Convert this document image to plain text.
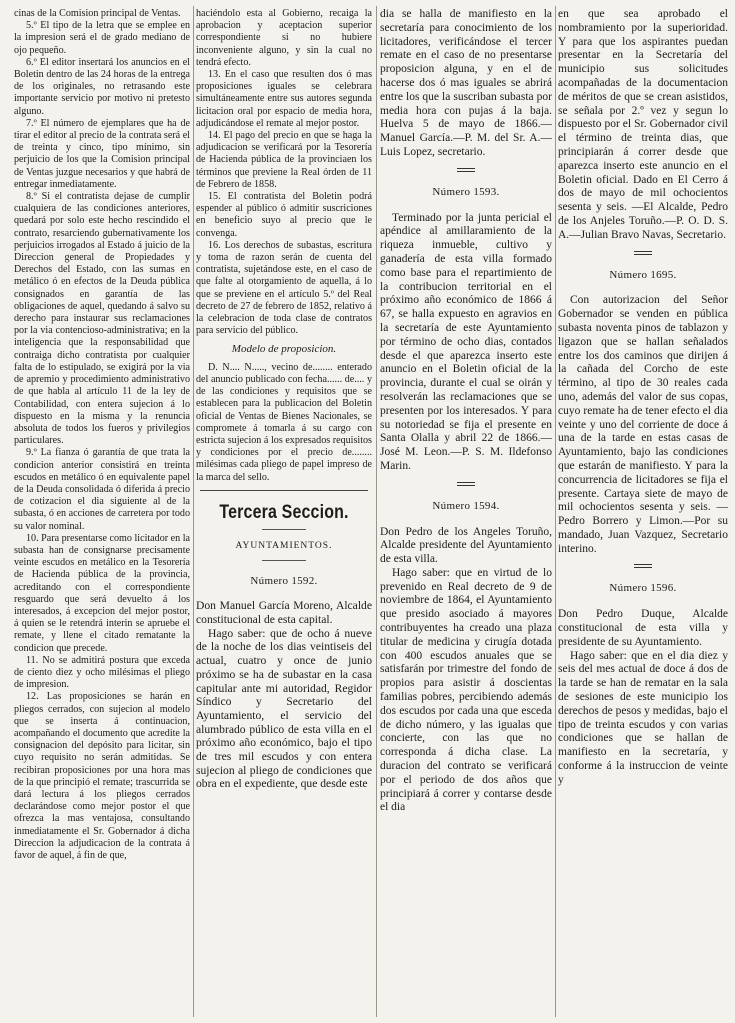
cinas de la Comision principal de Ventas.

5.º El tipo de la letra que se emplee en la impresion será el de grado mediano de ojo pequeño.

6.º El editor insertará los anuncios en el Boletin dentro de las 24 horas de la entrega de los originales, no retrasando este importante servicio por motivo ni pretesto alguno.

7.º El número de ejemplares que ha de tirar el editor al precio de la contrata será el de treinta y cinco, tipo mínimo, sin perjuicio de los que la Comision principal de Ventas juzgue necesarios y que habrá de entregar inmediatamente.

8.º Si el contratista dejase de cumplir cualquiera de las condiciones anteriores, quedará por solo este hecho rescindido el contrato, resarciendo gubernativamente los perjuicios irrogados al Estado á juicio de la Direccion general de Propiedades y Derechos del Estado, con las sumas en metálico ó en efectos de la Deuda pública consignados en garantía de las obligaciones de aquel, quedando á salvo su derecho para instaurar sus reclamaciones por la via contencioso-administrativa; en la inteligencia que la responsabilidad que contraiga dicho contratista por cualquier falta de lo estipulado, se exigirá por la via de apremio y procedimiento administrativo de que habla al artículo 11 de la ley de Contabilidad, con entera sujecion á lo dispuesto en la misma y la renuncia absoluta de todos los fueros y privilegios particulares.

9.º La fianza ó garantía de que trata la condicion anterior consistirá en treinta escudos en metálico ó en equivalente papel de la Deuda consolidada ó diferida á precio de cotizacion el dia siguiente al de la subasta, ó en acciones de carretera por todo su valor nominal.

10. Para presentarse como licitador en la subasta han de consignarse precisamente veinte escudos en metálico en la Tesorería de Hacienda pública de la provincia, acreditando con el correspondiente resguardo que será devuelto á los interesados, á excepcion del mejor postor, á quien se le retendrá interin se apruebe el remate, y llene el citado rematante la condicion que precede.

11. No se admitirá postura que exceda de ciento diez y ocho milésimas el pliego de impresion.

12. Las proposiciones se harán en pliegos cerrados, con sujecion al modelo que se inserta á continuacion, acompañando el documento que acredite la consignacion del depósito para licitar, sin cuyo requisito no serán admitidas. Se recibiran proposiciones por una hora mas de la que principió el remate; trascurrida se dará lectura á los pliegos cerrados declarándose como mejor postor el que ofrezca la mas ventajosa, consultando inmediatamente el Sr. Gobernador á dicha Direccion la adjudicacion de la contrata á favor de aquel, á fin de que,

haciéndolo esta al Gobierno, recaiga la aprobacion y aceptacion superior correspondiente si no hubiere inconveniente alguno, y sin la cual no tendrá efecto.

13. En el caso que resulten dos ó mas proposiciones iguales se celebrara simultáneamente entre sus autores segunda licitacion oral por espacio de media hora, adjudicándose el remate al mejor postor.

14. El pago del precio en que se haga la adjudicacion se verificará por la Tesorería de Hacienda pública de la provinciaen los términos que previene la Real órden de 11 de Febrero de 1858.

15. El contratista del Boletin podrá espender al público ó admitir suscriciones en beneficio suyo al precio que le convenga.

16. Los derechos de subastas, escritura y toma de razon serán de cuenta del contratista, sujetándose este, en el caso de que falte al otorgamiento de aquella, á lo que se previene en el artículo 5.º del Real decreto de 27 de febrero de 1852, relativo á la celebracion de toda clase de contratos para servicio del público.

Modelo de proposicion.

D. N.... N....., vecino de........ enterado del anuncio publicado con fecha...... de.... y de las condiciones y requisitos que se establecen para la publicacion del Boletin oficial de Ventas de Bienes Nacionales, se compromete á tomarla á su cargo con estricta sujecion á los expresados requisitos y condiciones por el precio de........ milésimas cada pliego de papel impreso de la marca del sello.

Tercera Seccion.
AYUNTAMIENTOS.
Número 1592.

Don Manuel García Moreno, Alcalde constitucional de esta capital.

Hago saber: que de ocho á nueve de la noche de los dias veintiseis del actual, cuatro y once de junio próximo se ha de subastar en la casa capitular ante mi autoridad, Regidor Síndico y Secretario del Ayuntamiento, el servicio del alumbrado público de esta villa en el próximo año económico, bajo el tipo de tres mil escudos y con entera sujecion al pliego de condiciones que obra en el expediente, que desde este

dia se halla de manifiesto en la secretaría para conocimiento de los licitadores, verificándose el tercer remate en el caso de no presentarse proposicion alguna, y en el de hacerse dos ó mas iguales se abrirá entre los que la suscriban subasta por media hora con pujas á la baja. Huelva 5 de mayo de 1866.—Manuel García.—P. M. del Sr. A.—Luis Lopez, secretario.

Número 1593.

Terminado por la junta pericial el apéndice al amillaramiento de la riqueza inmueble, cultivo y ganadería de esta villa formado como base para el repartimiento de la contribucion territorial en el próximo año económico de 1866 á 67, se halla expuesto en agravios en la secretaría de este Ayuntamiento por término de ocho dias, contados desde el que aparezca inserto este anuncio en el Boletin oficial de la provincia, durante el cual se oirán y resolverán las reclamaciones que se presenten por los interesados. Y para su notoriedad se fija el presente en Santa Olalla y abril 22 de 1866.—José M. Leon.—P. S. M. Ildefonso Marin.

Número 1594.

Don Pedro de los Angeles Toruño, Alcalde presidente del Ayuntamiento de esta villa.

Hago saber: que en virtud de lo prevenido en Real decreto de 9 de noviembre de 1864, el Ayuntamiento que presido asociado á mayores contribuyentes ha creado una plaza titular de medicina y cirugía dotada con 400 escudos anuales que se satisfarán por trimestre del fondo de propios para asistir á doscientas familias pobres, percibiendo además dos escudos por cada una que esceda de dicho número, y las igualas que concierte, con las que no corresponda á dicha clase. La duracion del contrato se verificará por el periodo de dos años que principiará á correr y contarse desde el dia

en que sea aprobado el nombramiento por la superioridad. Y para que los aspirantes puedan presentar en la Secretaría del municipio sus solicitudes acompañadas de la documentacion de méritos de que se crean asistidos, se señala por 2.º vez y segun lo dispuesto por el Sr. Gobernador civil el término de treinta dias, que principiarán á correr desde que aparezca inserto este anuncio en el Boletin oficial. Dado en El Cerro á dos de mayo de mil ochocientos sesenta y seis. —El Alcalde, Pedro de los Anjeles Toruño.—P. O. D. S. A.—Julian Bravo Navas, Secretario.

Número 1695.

Con autorizacion del Señor Gobernador se venden en pública subasta noventa pinos de tablazon y ligazon que se hallan señalados entre los dos caminos que dirijen á la cañada del Corcho de este término, al tipo de 30 reales cada uno, además del valor de sus copas, cuyo remate ha de tener efecto el dia veinte y uno del corriente de doce á una de la tarde en estas casas de Ayuntamiento, bajo las condiciones que estarán de manifiesto. Y para la concurrencia de licitadores se fija el presente. Cartaya siete de mayo de mil ochocientos sesenta y seis. —Pedro Borrero y Limon.—Por su mandado, Juan Vazquez, Secretario interino.

Número 1596.

Don Pedro Duque, Alcalde constitucional de esta villa y presidente de su Ayuntamiento.

Hago saber: que en el dia diez y seis del mes actual de doce á dos de la tarde se han de rematar en la sala de sesiones de este municipio los derechos de pesos y medidas, bajo el tipo de treinta escudos y con varias condiciones que se hallan de manifiesto en la secretaría, y conforme á la instruccion de veinte y
